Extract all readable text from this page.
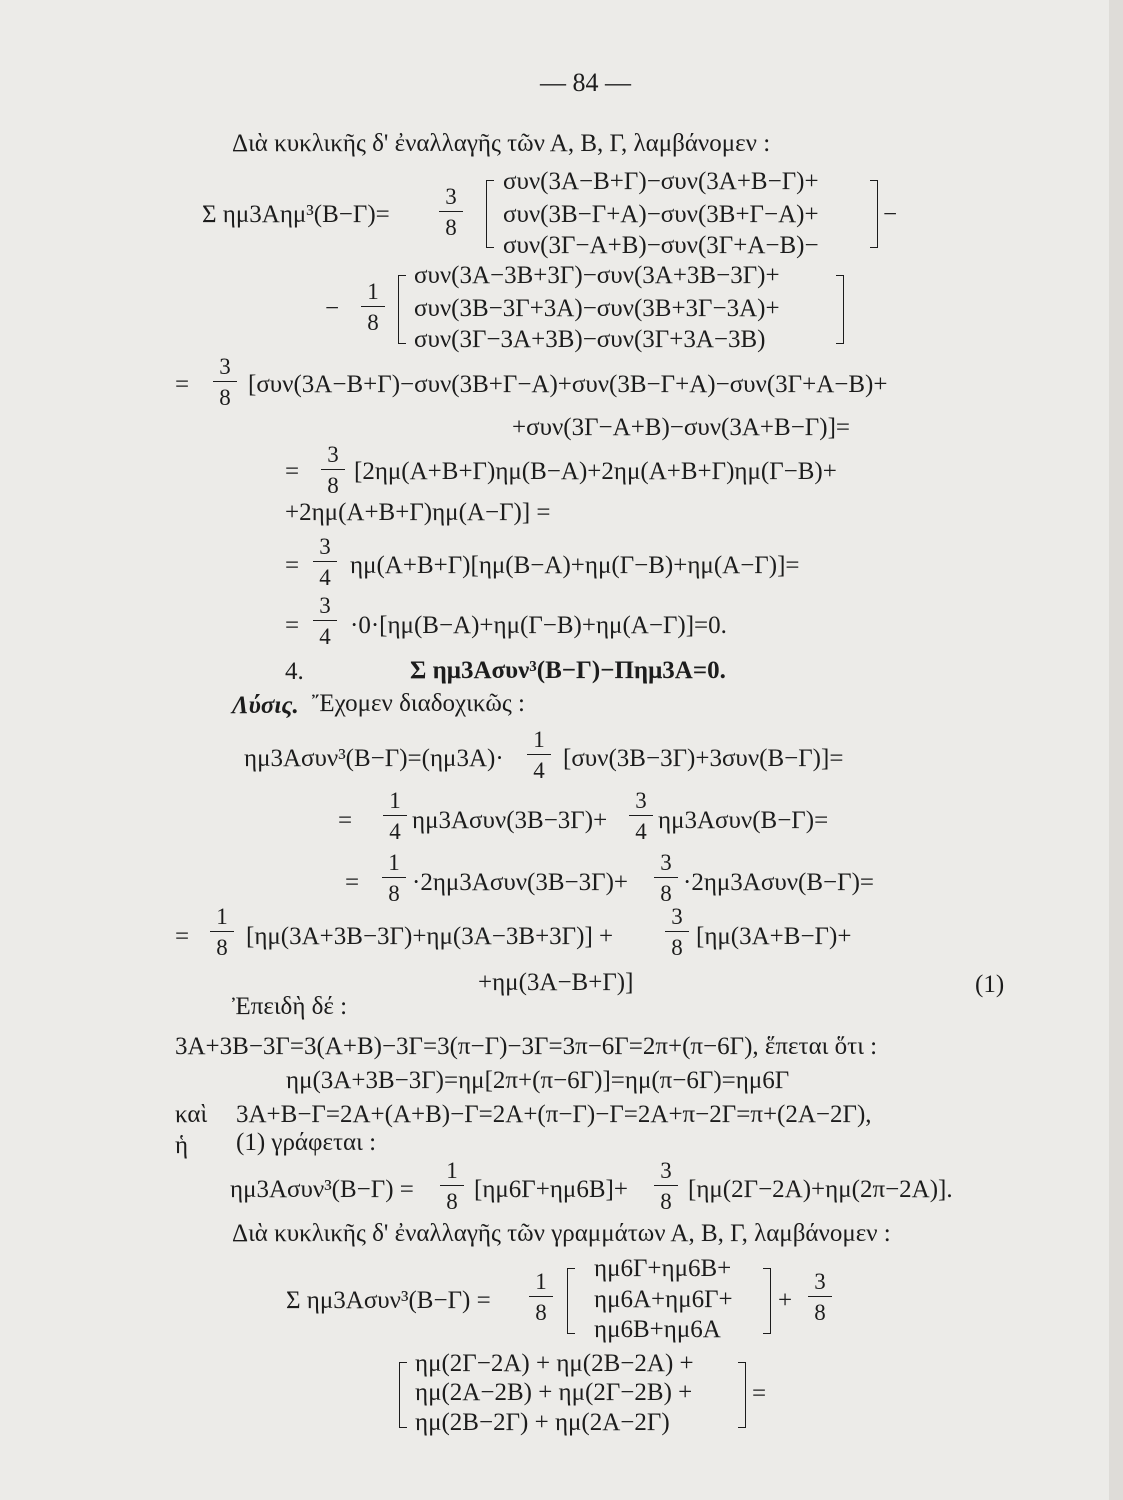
— 84 —
Διὰ κυκλικῆς δ' ἐναλλαγῆς τῶν Α, Β, Γ, λαμβάνομεν :
Σ $\eta\mu 3A\eta\mu^3(B-\Gamma)= \frac{3}{8}$
συν(3Α−Β+Γ)−συν(3Α+Β−Γ)+
συν(3Β−Γ+Α)−συν(3Β+Γ−Α)+
συν(3Γ−Α+Β)−συν(3Γ+Α−Β)−
−
− $\frac{1}{8}$
συν(3Α−3Β+3Γ)−συν(3Α+3Β−3Γ)+
συν(3Β−3Γ+3Α)−συν(3Β+3Γ−3Α)+
συν(3Γ−3Α+3Β)−συν(3Γ+3Α−3Β)
= $\frac{3}{8} [\sigma\upsilon\nu(3A-B+\Gamma)-\sigma\upsilon\nu(3B+\Gamma-A)+\sigma\upsilon\nu(3B-\Gamma+A)-\sigma\upsilon\nu(3\Gamma+A-B)+$
+συν(3Γ−Α+Β)−συν(3Α+Β−Γ)]=
= $\frac{3}{8} [2\eta\mu(A+B+\Gamma)\eta\mu(B-A)+2\eta\mu(A+B+\Gamma)\eta\mu(\Gamma-B)+$
+2ημ(Α+Β+Γ)ημ(Α−Γ)] =
= $\frac{3}{4} \eta\mu(A+B+\Gamma)[\eta\mu(B-A)+\eta\mu(\Gamma-B)+\eta\mu(A-\Gamma)]=$
= $\frac{3}{4} \cdot 0\cdot[\eta\mu(B-A)+\eta\mu(\Gamma-B)+\eta\mu(A-\Gamma)]=0$.
4.	Σ ημ3Ασυν³(Β−Γ)−Πημ3Α=0.
Λύσις. Ἔχομεν διαδοχικῶς :
$\eta\mu 3A\sigma\upsilon\nu^3(B-\Gamma)=(\eta\mu 3A)\cdot \frac{1}{4} [\sigma\upsilon\nu(3B-3\Gamma)+3\sigma\upsilon\nu(B-\Gamma)]=$
= $\frac{1}{4} \eta\mu 3A\sigma\upsilon\nu(3B-3\Gamma)+ \frac{3}{4} \eta\mu 3A\sigma\upsilon\nu(B-\Gamma)=$
= $\frac{1}{8} \cdot 2\eta\mu 3A\sigma\upsilon\nu(3B-3\Gamma)+ \frac{3}{8} \cdot 2\eta\mu 3A\sigma\upsilon\nu(B-\Gamma)=$
= $\frac{1}{8} [\eta\mu(3A+3B-3\Gamma)+\eta\mu(3A-3B+3\Gamma)] + \frac{3}{8} [\eta\mu(3A+B-\Gamma)+$
+ημ(3Α−Β+Γ)]	(1)
Ἐπειδὴ δέ :
3Α+3Β−3Γ=3(Α+Β)−3Γ=3(π−Γ)−3Γ=3π−6Γ=2π+(π−6Γ), ἕπεται ὅτι :
ημ(3Α+3Β−3Γ)=ημ[2π+(π−6Γ)]=ημ(π−6Γ)=ημ6Γ
καὶ 3Α+Β−Γ=2Α+(Α+Β)−Γ=2Α+(π−Γ)−Γ=2Α+π−2Γ=π+(2Α−2Γ),
ἡ (1) γράφεται :
$\eta\mu 3A\sigma\upsilon\nu^3(B-\Gamma) = \frac{1}{8} [\eta\mu 6\Gamma+\eta\mu 6B]+ \frac{3}{8} [\eta\mu(2\Gamma-2A)+\eta\mu(2\pi-2A)]$.
Διὰ κυκλικῆς δ' ἐναλλαγῆς τῶν γραμμάτων Α, Β, Γ, λαμβάνομεν :
Σ $\eta\mu 3A\sigma\upsilon\nu^3(B-\Gamma) = \frac{1}{8}$
ημ6Γ+ημ6Β+
ημ6Α+ημ6Γ+
ημ6Β+ημ6Α
+ $\frac{3}{8}$
ημ(2Γ−2Α) + ημ(2Β−2Α) +
ημ(2Α−2Β) + ημ(2Γ−2Β) +
ημ(2Β−2Γ) + ημ(2Α−2Γ)
=
